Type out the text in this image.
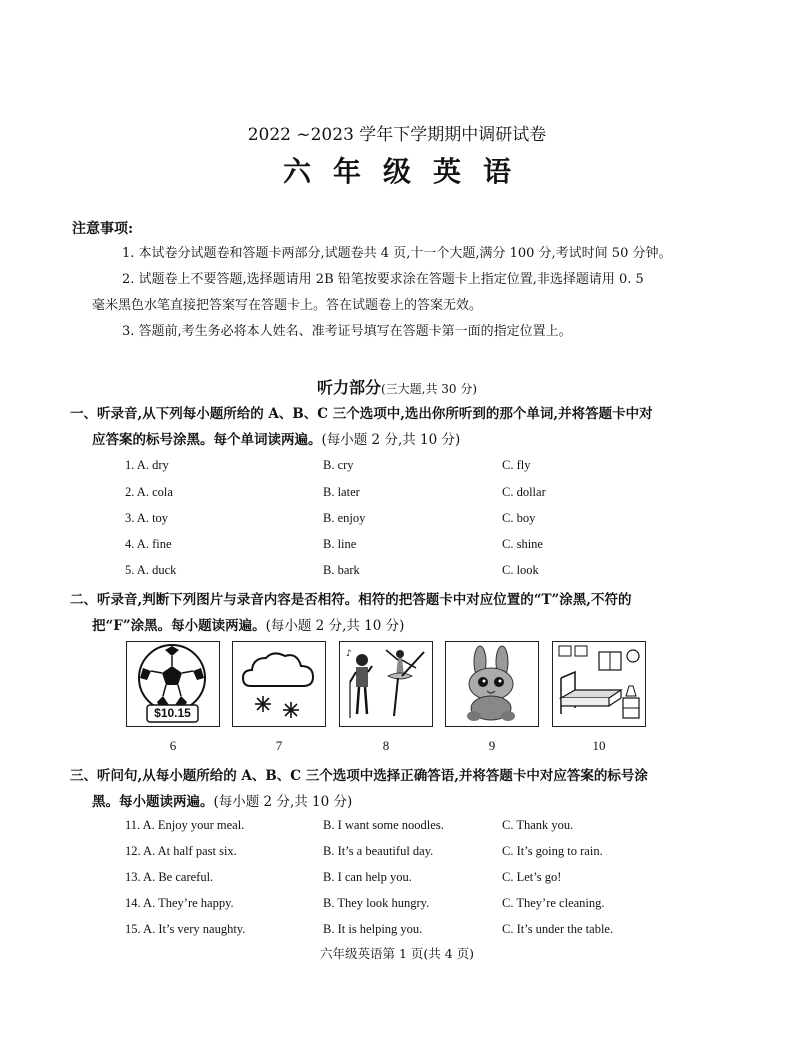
2022 ~2023 学年下学期期中调研试卷
六年级英语
注意事项:
1. 本试卷分试题卷和答题卡两部分,试题卷共 4 页,十一个大题,满分 100 分,考试时间 50 分钟。
2. 试题卷上不要答题,选择题请用 2B 铅笔按要求涂在答题卡上指定位置,非选择题请用 0. 5
毫米黑色水笔直接把答案写在答题卡上。答在试题卷上的答案无效。
3. 答题前,考生务必将本人姓名、准考证号填写在答题卡第一面的指定位置上。
听力部分(三大题,共 30 分)
一、听录音,从下列每小题所给的 A、B、C 三个选项中,选出你所听到的那个单词,并将答题卡中对
应答案的标号涂黑。每个单词读两遍。(每小题 2 分,共 10 分)
1. A. dry	B. cry	C. fly
2. A. cola	B. later	C. dollar
3. A. toy	B. enjoy	C. boy
4. A. fine	B. line	C. shine
5. A. duck	B. bark	C. look
二、听录音,判断下列图片与录音内容是否相符。相符的把答题卡中对应位置的“T”涂黑,不符的
把“F”涂黑。每小题读两遍。(每小题 2 分,共 10 分)
$10.15
♪
6	7	8	9	10
三、听问句,从每小题所给的 A、B、C 三个选项中选择正确答语,并将答题卡中对应答案的标号涂
黑。每小题读两遍。(每小题 2 分,共 10 分)
11. A. Enjoy your meal.	B. I want some noodles.	C. Thank you.
12. A. At half past six.	B. It’s a beautiful day.	C. It’s going to rain.
13. A. Be careful.	B. I can help you.	C. Let’s go!
14. A. They’re happy.	B. They look hungry.	C. They’re cleaning.
15. A. It’s very naughty.	B. It is helping you.	C. It’s under the table.
六年级英语第 1 页(共 4 页)
